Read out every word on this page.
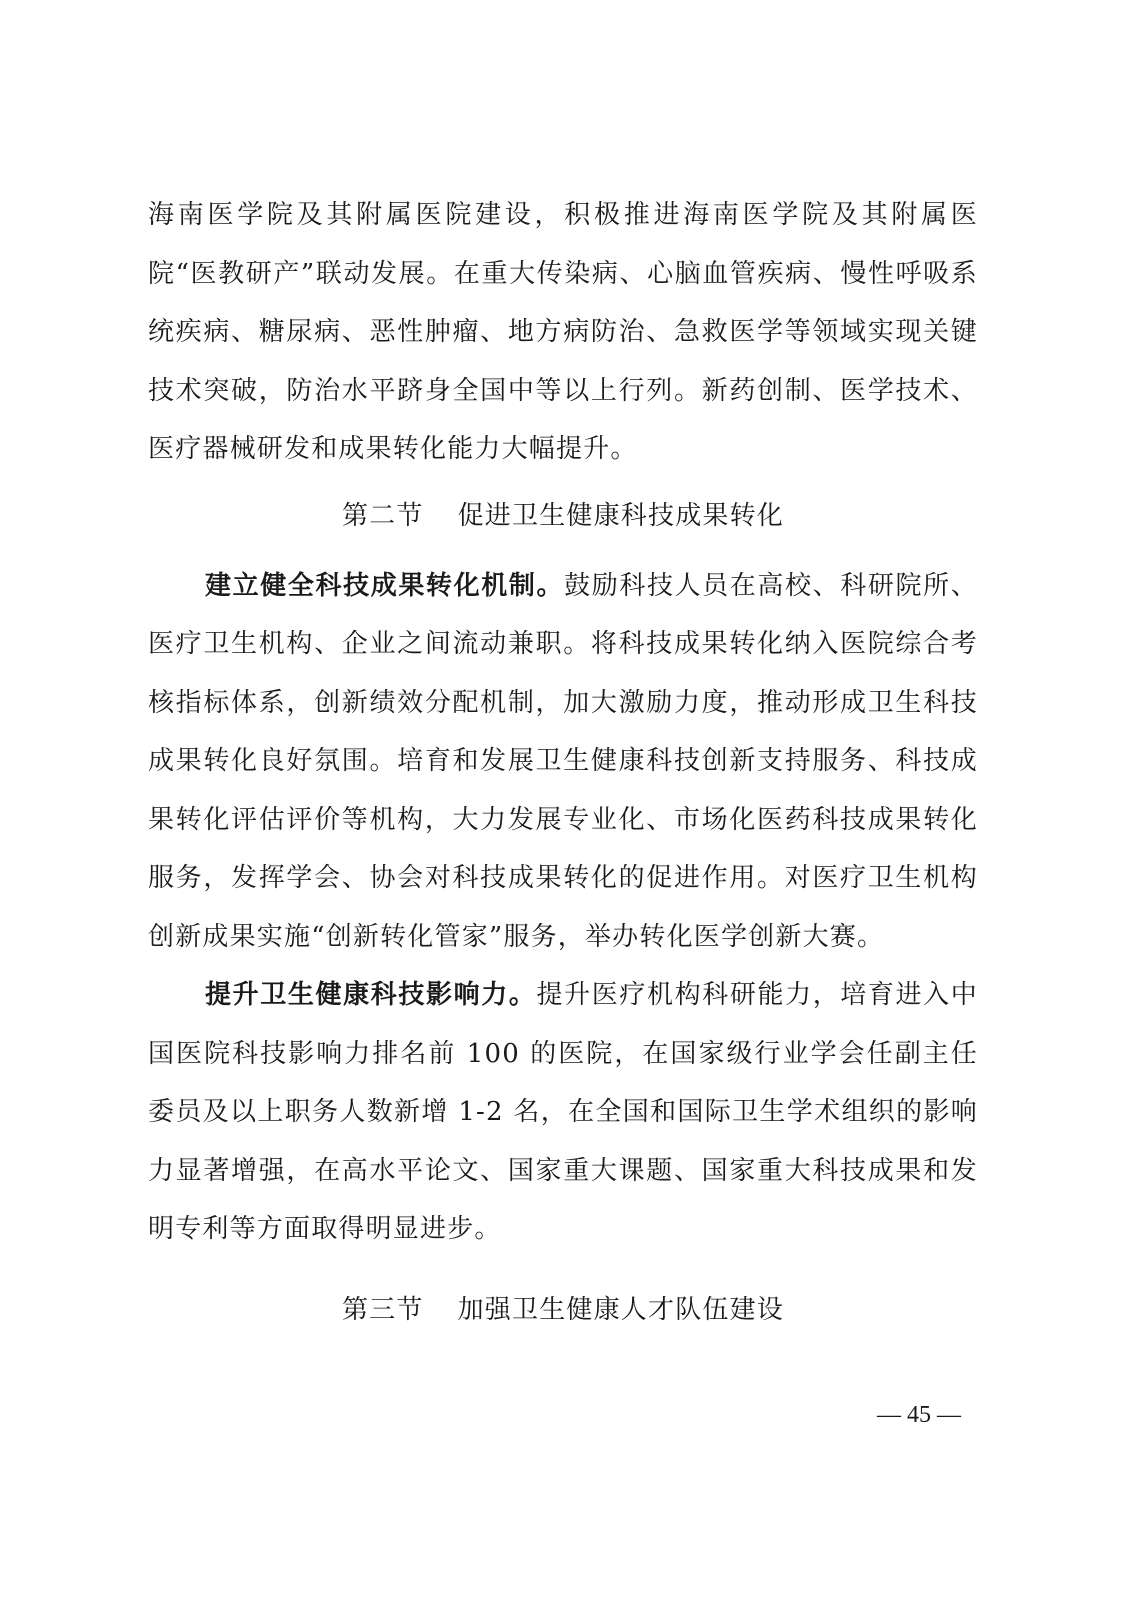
海南医学院及其附属医院建设，积极推进海南医学院及其附属医院“医教研产”联动发展。在重大传染病、心脑血管疾病、慢性呼吸系统疾病、糖尿病、恶性肿瘤、地方病防治、急救医学等领域实现关键技术突破，防治水平跻身全国中等以上行列。新药创制、医学技术、医疗器械研发和成果转化能力大幅提升。

第二节 促进卫生健康科技成果转化

建立健全科技成果转化机制。鼓励科技人员在高校、科研院所、医疗卫生机构、企业之间流动兼职。将科技成果转化纳入医院综合考核指标体系，创新绩效分配机制，加大激励力度，推动形成卫生科技成果转化良好氛围。培育和发展卫生健康科技创新支持服务、科技成果转化评估评价等机构，大力发展专业化、市场化医药科技成果转化服务，发挥学会、协会对科技成果转化的促进作用。对医疗卫生机构创新成果实施“创新转化管家”服务，举办转化医学创新大赛。

提升卫生健康科技影响力。提升医疗机构科研能力，培育进入中国医院科技影响力排名前 100 的医院，在国家级行业学会任副主任委员及以上职务人数新增 1-2 名，在全国和国际卫生学术组织的影响力显著增强，在高水平论文、国家重大课题、国家重大科技成果和发明专利等方面取得明显进步。

第三节 加强卫生健康人才队伍建设
— 45 —
